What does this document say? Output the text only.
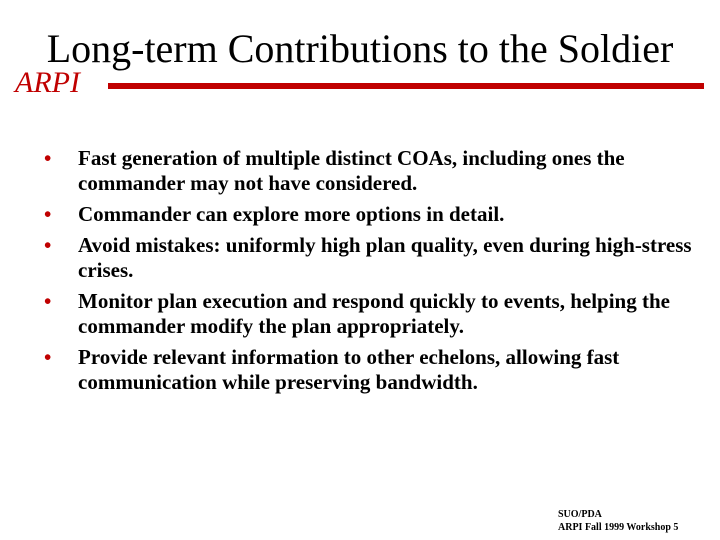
Long-term Contributions to the Soldier
ARPI
• Fast generation of multiple distinct COAs, including ones the commander may not have considered.
• Commander can explore more options in detail.
• Avoid mistakes: uniformly high plan quality, even during high-stress crises.
• Monitor plan execution and respond quickly to events, helping the commander modify the plan appropriately.
• Provide relevant information to other echelons, allowing fast communication while preserving bandwidth.
SUO/PDA
ARPI Fall 1999 Workshop 5
